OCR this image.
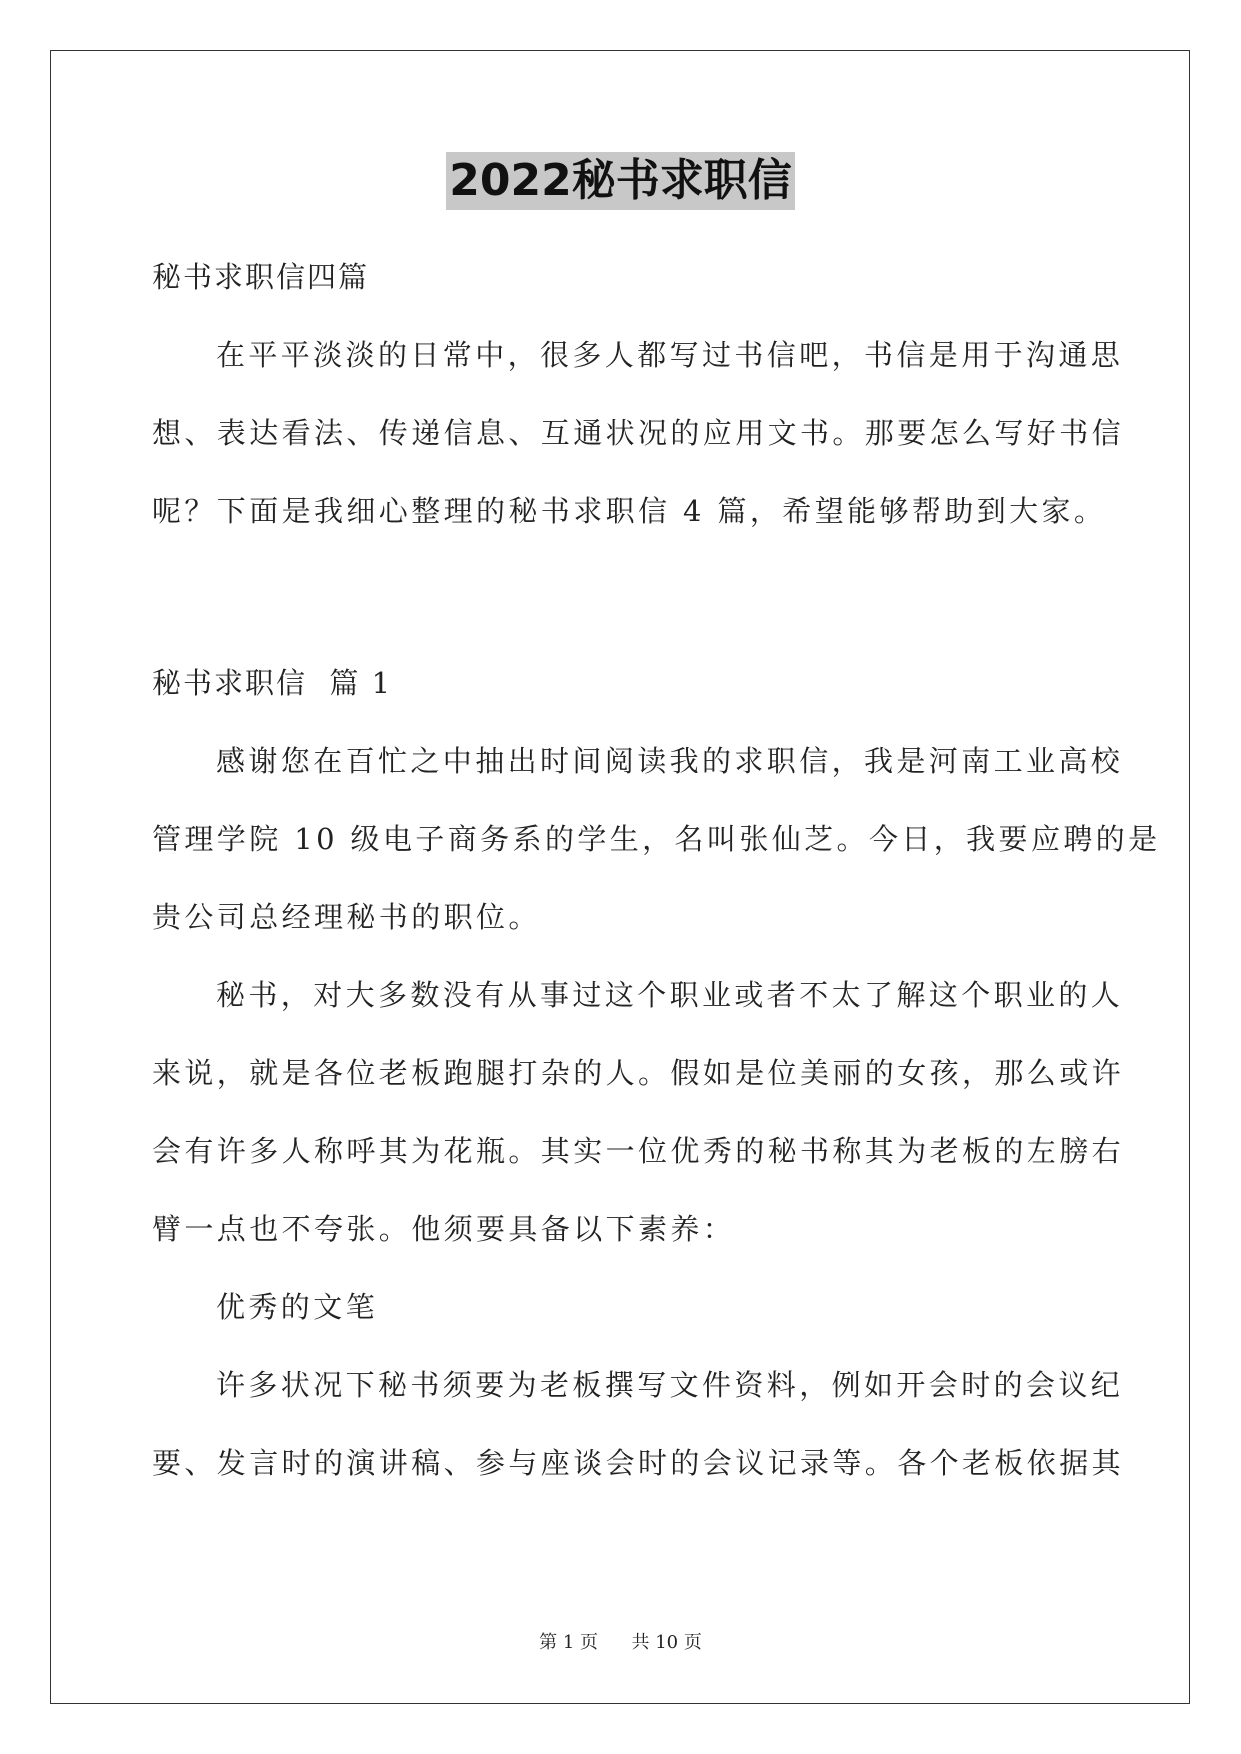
2022秘书求职信
秘书求职信四篇
在平平淡淡的日常中，很多人都写过书信吧，书信是用于沟通思
想、表达看法、传递信息、互通状况的应用文书。那要怎么写好书信
呢？下面是我细心整理的秘书求职信 4 篇，希望能够帮助到大家。
秘书求职信  篇 1
感谢您在百忙之中抽出时间阅读我的求职信，我是河南工业高校
管理学院 10 级电子商务系的学生，名叫张仙芝。今日，我要应聘的是
贵公司总经理秘书的职位。
秘书，对大多数没有从事过这个职业或者不太了解这个职业的人
来说，就是各位老板跑腿打杂的人。假如是位美丽的女孩，那么或许
会有许多人称呼其为花瓶。其实一位优秀的秘书称其为老板的左膀右
臂一点也不夸张。他须要具备以下素养：
优秀的文笔
许多状况下秘书须要为老板撰写文件资料，例如开会时的会议纪
要、发言时的演讲稿、参与座谈会时的会议记录等。各个老板依据其
第 1 页 共 10 页
